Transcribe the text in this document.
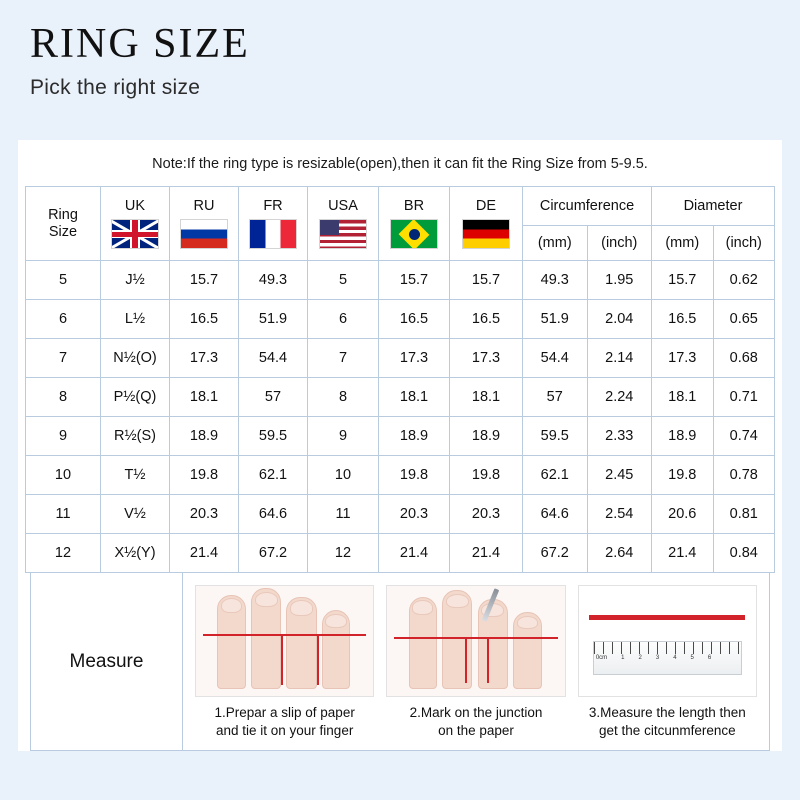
RING SIZE
Pick the right size
Note:If the ring type is resizable(open),then it can fit the Ring Size from 5-9.5.
Ring
Size	UK	RU	FR	USA	BR	DE	Circumference		Diameter	
							(mm)	(inch)	(mm)	(inch)
5	J½	15.7	49.3	5	15.7	15.7	49.3	1.95	15.7	0.62
6	L½	16.5	51.9	6	16.5	16.5	51.9	2.04	16.5	0.65
7	N½(O)	17.3	54.4	7	17.3	17.3	54.4	2.14	17.3	0.68
8	P½(Q)	18.1	57	8	18.1	18.1	57	2.24	18.1	0.71
9	R½(S)	18.9	59.5	9	18.9	18.9	59.5	2.33	18.9	0.74
10	T½	19.8	62.1	10	19.8	19.8	62.1	2.45	19.8	0.78
11	V½	20.3	64.6	11	20.3	20.3	64.6	2.54	20.6	0.81
12	X½(Y)	21.4	67.2	12	21.4	21.4	67.2	2.64	21.4	0.84
Measure
1.Prepar a slip of paper
and tie it on your finger
2.Mark on the junction
on the paper
0cm 1 2 3 4 5 6
3.Measure the length then
get the citcunmference
